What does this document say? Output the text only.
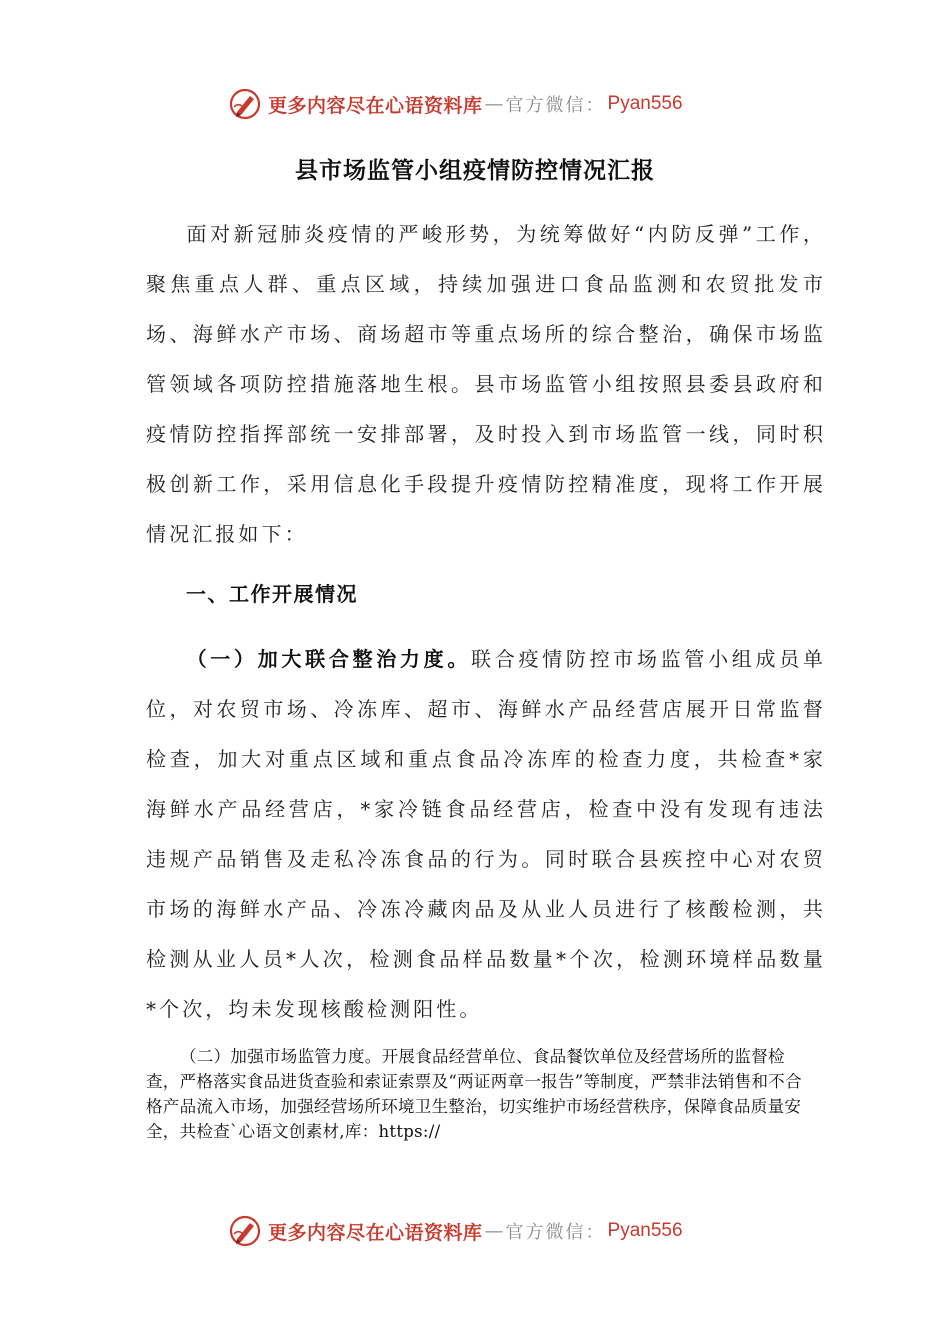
更多内容尽在心语资料库 — 官方微信： Pyan556
县市场监管小组疫情防控情况汇报
面对新冠肺炎疫情的严峻形势，为统筹做好“内防反弹”工作，聚焦重点人群、重点区域，持续加强进口食品监测和农贸批发市场、海鲜水产市场、商场超市等重点场所的综合整治，确保市场监管领域各项防控措施落地生根。县市场监管小组按照县委县政府和疫情防控指挥部统一安排部署，及时投入到市场监管一线，同时积极创新工作，采用信息化手段提升疫情防控精准度，现将工作开展情况汇报如下：
一、工作开展情况
（一）加大联合整治力度。联合疫情防控市场监管小组成员单位，对农贸市场、冷冻库、超市、海鲜水产品经营店展开日常监督检查，加大对重点区域和重点食品冷冻库的检查力度，共检查*家海鲜水产品经营店，*家冷链食品经营店，检查中没有发现有违法违规产品销售及走私冷冻食品的行为。同时联合县疾控中心对农贸市场的海鲜水产品、冷冻冷藏肉品及从业人员进行了核酸检测，共检测从业人员*人次，检测食品样品数量*个次，检测环境样品数量*个次，均未发现核酸检测阳性。
（二）加强市场监管力度。开展食品经营单位、食品餐饮单位及经营场所的监督检查，严格落实食品进货查验和索证索票及“两证两章一报告”等制度，严禁非法销售和不合格产品流入市场，加强经营场所环境卫生整治，切实维护市场经营秩序，保障食品质量安全，共检查`心语文创素材,库：https://
更多内容尽在心语资料库 — 官方微信： Pyan556
